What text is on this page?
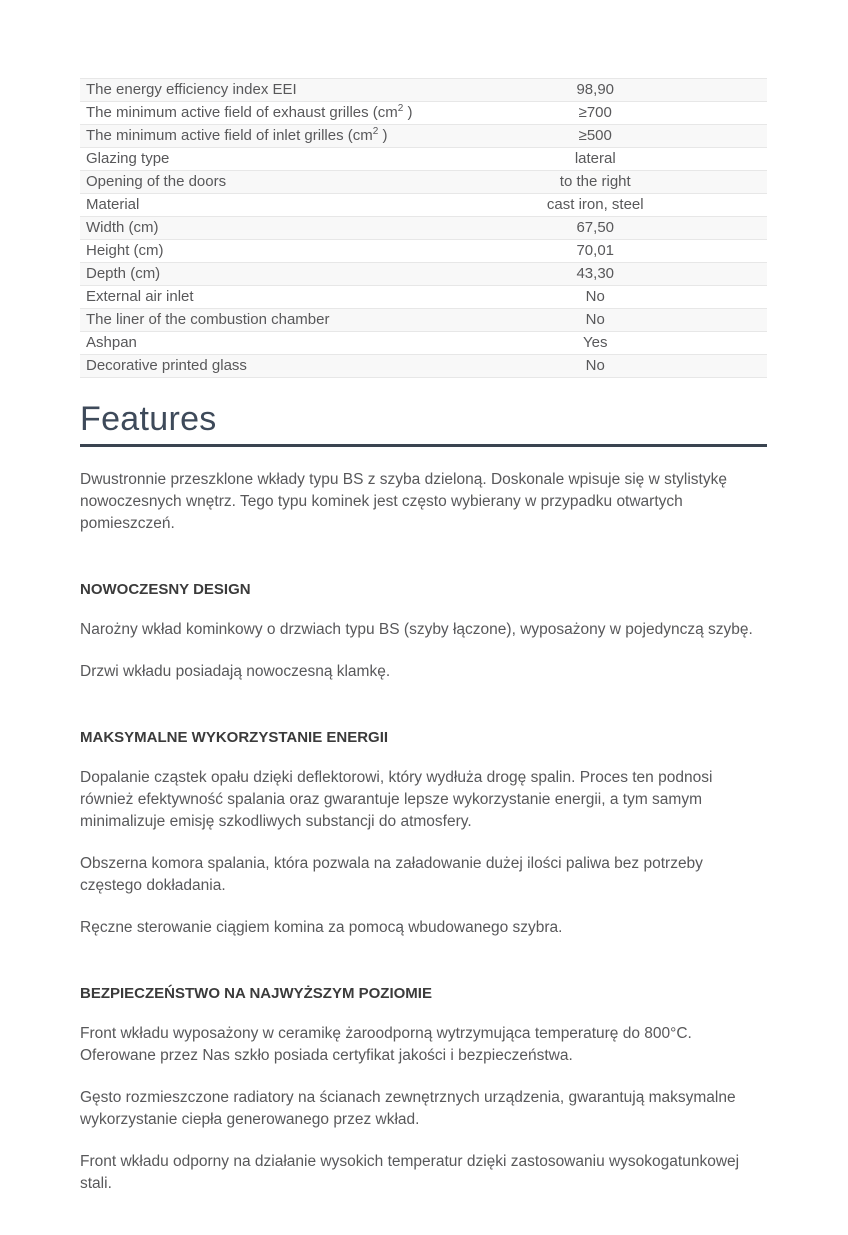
The energy efficiency index EEI	98,90
The minimum active field of exhaust grilles ($cm^2$ )	≥700
The minimum active field of inlet grilles ($cm^2$ )	≥500
Glazing type	lateral
Opening of the doors	to the right
Material	cast iron, steel
Width (cm)	67,50
Height (cm)	70,01
Depth (cm)	43,30
External air inlet	No
The liner of the combustion chamber	No
Ashpan	Yes
Decorative printed glass	No
Features

Dwustronnie przeszklone wkłady typu BS z szyba dzieloną. Doskonale wpisuje się w stylistykę nowoczesnych wnętrz. Tego typu kominek jest często wybierany w przypadku otwartych pomieszczeń.

NOWOCZESNY DESIGN

Narożny wkład kominkowy o drzwiach typu BS (szyby łączone), wyposażony w pojedynczą szybę.

Drzwi wkładu posiadają nowoczesną klamkę.

MAKSYMALNE WYKORZYSTANIE ENERGII

Dopalanie cząstek opału dzięki deflektorowi, który wydłuża drogę spalin. Proces ten podnosi również efektywność spalania oraz gwarantuje lepsze wykorzystanie energii, a tym samym minimalizuje emisję szkodliwych substancji do atmosfery.

Obszerna komora spalania, która pozwala na załadowanie dużej ilości paliwa bez potrzeby częstego dokładania.

Ręczne sterowanie ciągiem komina za pomocą wbudowanego szybra.

BEZPIECZEŃSTWO NA NAJWYŻSZYM POZIOMIE

Front wkładu wyposażony w ceramikę żaroodporną wytrzymująca temperaturę do 800°C. Oferowane przez Nas szkło posiada certyfikat jakości i bezpieczeństwa.

Gęsto rozmieszczone radiatory na ścianach zewnętrznych urządzenia, gwarantują maksymalne wykorzystanie ciepła generowanego przez wkład.

Front wkładu odporny na działanie wysokich temperatur dzięki zastosowaniu wysokogatunkowej stali.
